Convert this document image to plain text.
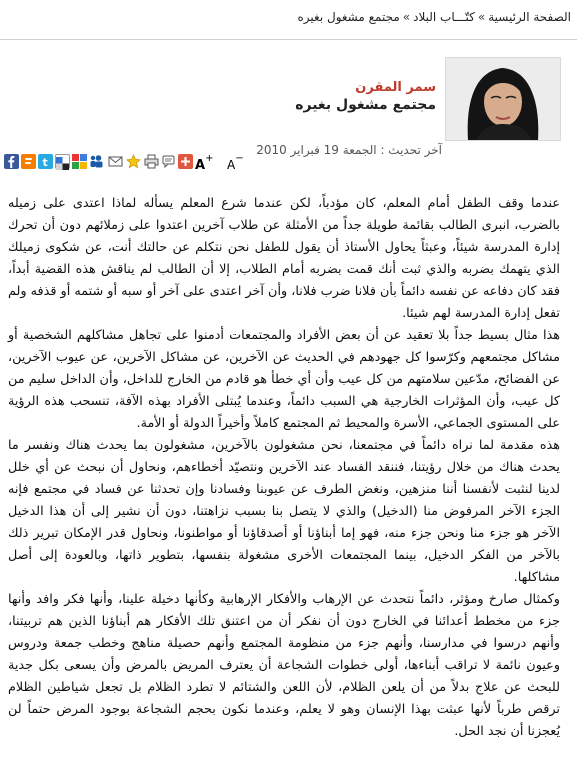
الصفحة الرئيسية»كتّـــاب البلاد»مجتمع مشغول بغيره
سمر المقرن
مجتمع مشغول بغيره
آخر تحديث : الجمعة 19 فبراير 2010
t	A+ A−

عندما وقف الطفل أمام المعلم، كان مؤدباً، لكن عندما شرع المعلم يسأله لماذا اعتدى على زميله بالضرب، انبرى الطالب بقائمة طويلة جداً من الأمثلة عن طلاب آخرين اعتدوا على زملائهم دون أن تحرك إدارة المدرسة شيئاً، وعبثاً يحاول الأستاذ أن يقول للطفل نحن نتكلم عن حالتك أنت، عن شكوى زميلك الذي يتهمك بضربه والذي ثبت أنك قمت بضربه أمام الطلاب، إلا أن الطالب لم يناقش هذه القضية أبداً، فقد كان دفاعه عن نفسه دائماً بأن فلانا ضرب فلانا، وأن آخر اعتدى على آخر أو سبه أو شتمه أو قذفه ولم تفعل إدارة المدرسة لهم شيئا.

هذا مثال بسيط جداً بلا تعقيد عن أن بعض الأفراد والمجتمعات أدمنوا على تجاهل مشاكلهم الشخصية أو مشاكل مجتمعهم وكرّسوا كل جهودهم في الحديث عن الآخرين، عن مشاكل الآخرين، عن عيوب الآخرين، عن الفضائح، مدّعين سلامتهم من كل عيب وأن أي خطأ هو قادم من الخارج للداخل، وأن الداخل سليم من كل عيب، وأن المؤثرات الخارجية هي السبب دائماً، وعندما يُبتلى الأفراد بهذه الآفة، تنسحب هذه الرؤية على المستوى الجماعي، الأسرة والمحيط ثم المجتمع كاملاً وأخيراً الدولة أو الأمة.

هذه مقدمة لما نراه دائماً في مجتمعنا، نحن مشغولون بالآخرين، مشغولون بما يحدث هناك ونفسر ما يحدث هناك من خلال رؤيتنا، فننقد الفساد عند الآخرين ونتصيّد أخطاءهم، ونحاول أن نبحث عن أي خلل لدينا لنثبت لأنفسنا أننا منزهين، ونغض الطرف عن عيوبنا وفسادنا وإن تحدثنا عن فساد في مجتمع فإنه الجزء الآخر المرفوض منا (الدخيل) والذي لا يتصل بنا بسبب نزاهتنا، دون أن نشير إلى أن هذا الدخيل الآخر هو جزء منا ونحن جزء منه، فهو إما أبناؤنا أو أصدقاؤنا أو مواطنونا، ونحاول قدر الإمكان تبرير ذلك بالآخر من الفكر الدخيل، بينما المجتمعات الأخرى مشغولة بنفسها، بتطوير ذاتها، وبالعودة إلى أصل مشاكلها.

وكمثال صارخ ومؤثر، دائماً نتحدث عن الإرهاب والأفكار الإرهابية وكأنها دخيلة علينا، وأنها فكر وافد وأنها جزء من مخطط أعدائنا في الخارج دون أن نفكر أن من اعتنق تلك الأفكار هم أبناؤنا الذين هم تربيتنا، وأنهم درسوا في مدارسنا، وأنهم جزء من منظومة المجتمع وأنهم حصيلة مناهج وخطب جمعة ودروس وعيون نائمة لا تراقب أبناءها، أولى خطوات الشجاعة أن يعترف المريض بالمرض وأن يسعى بكل جدية للبحث عن علاج بدلاً من أن يلعن الظلام، لأن اللعن والشتائم لا تطرد الظلام بل تجعل شياطين الظلام ترقص طرباً لأنها عبثت بهذا الإنسان وهو لا يعلم، وعندما نكون بحجم الشجاعة بوجود المرض حتماً لن يُعجزنا أن نجد الحل.
